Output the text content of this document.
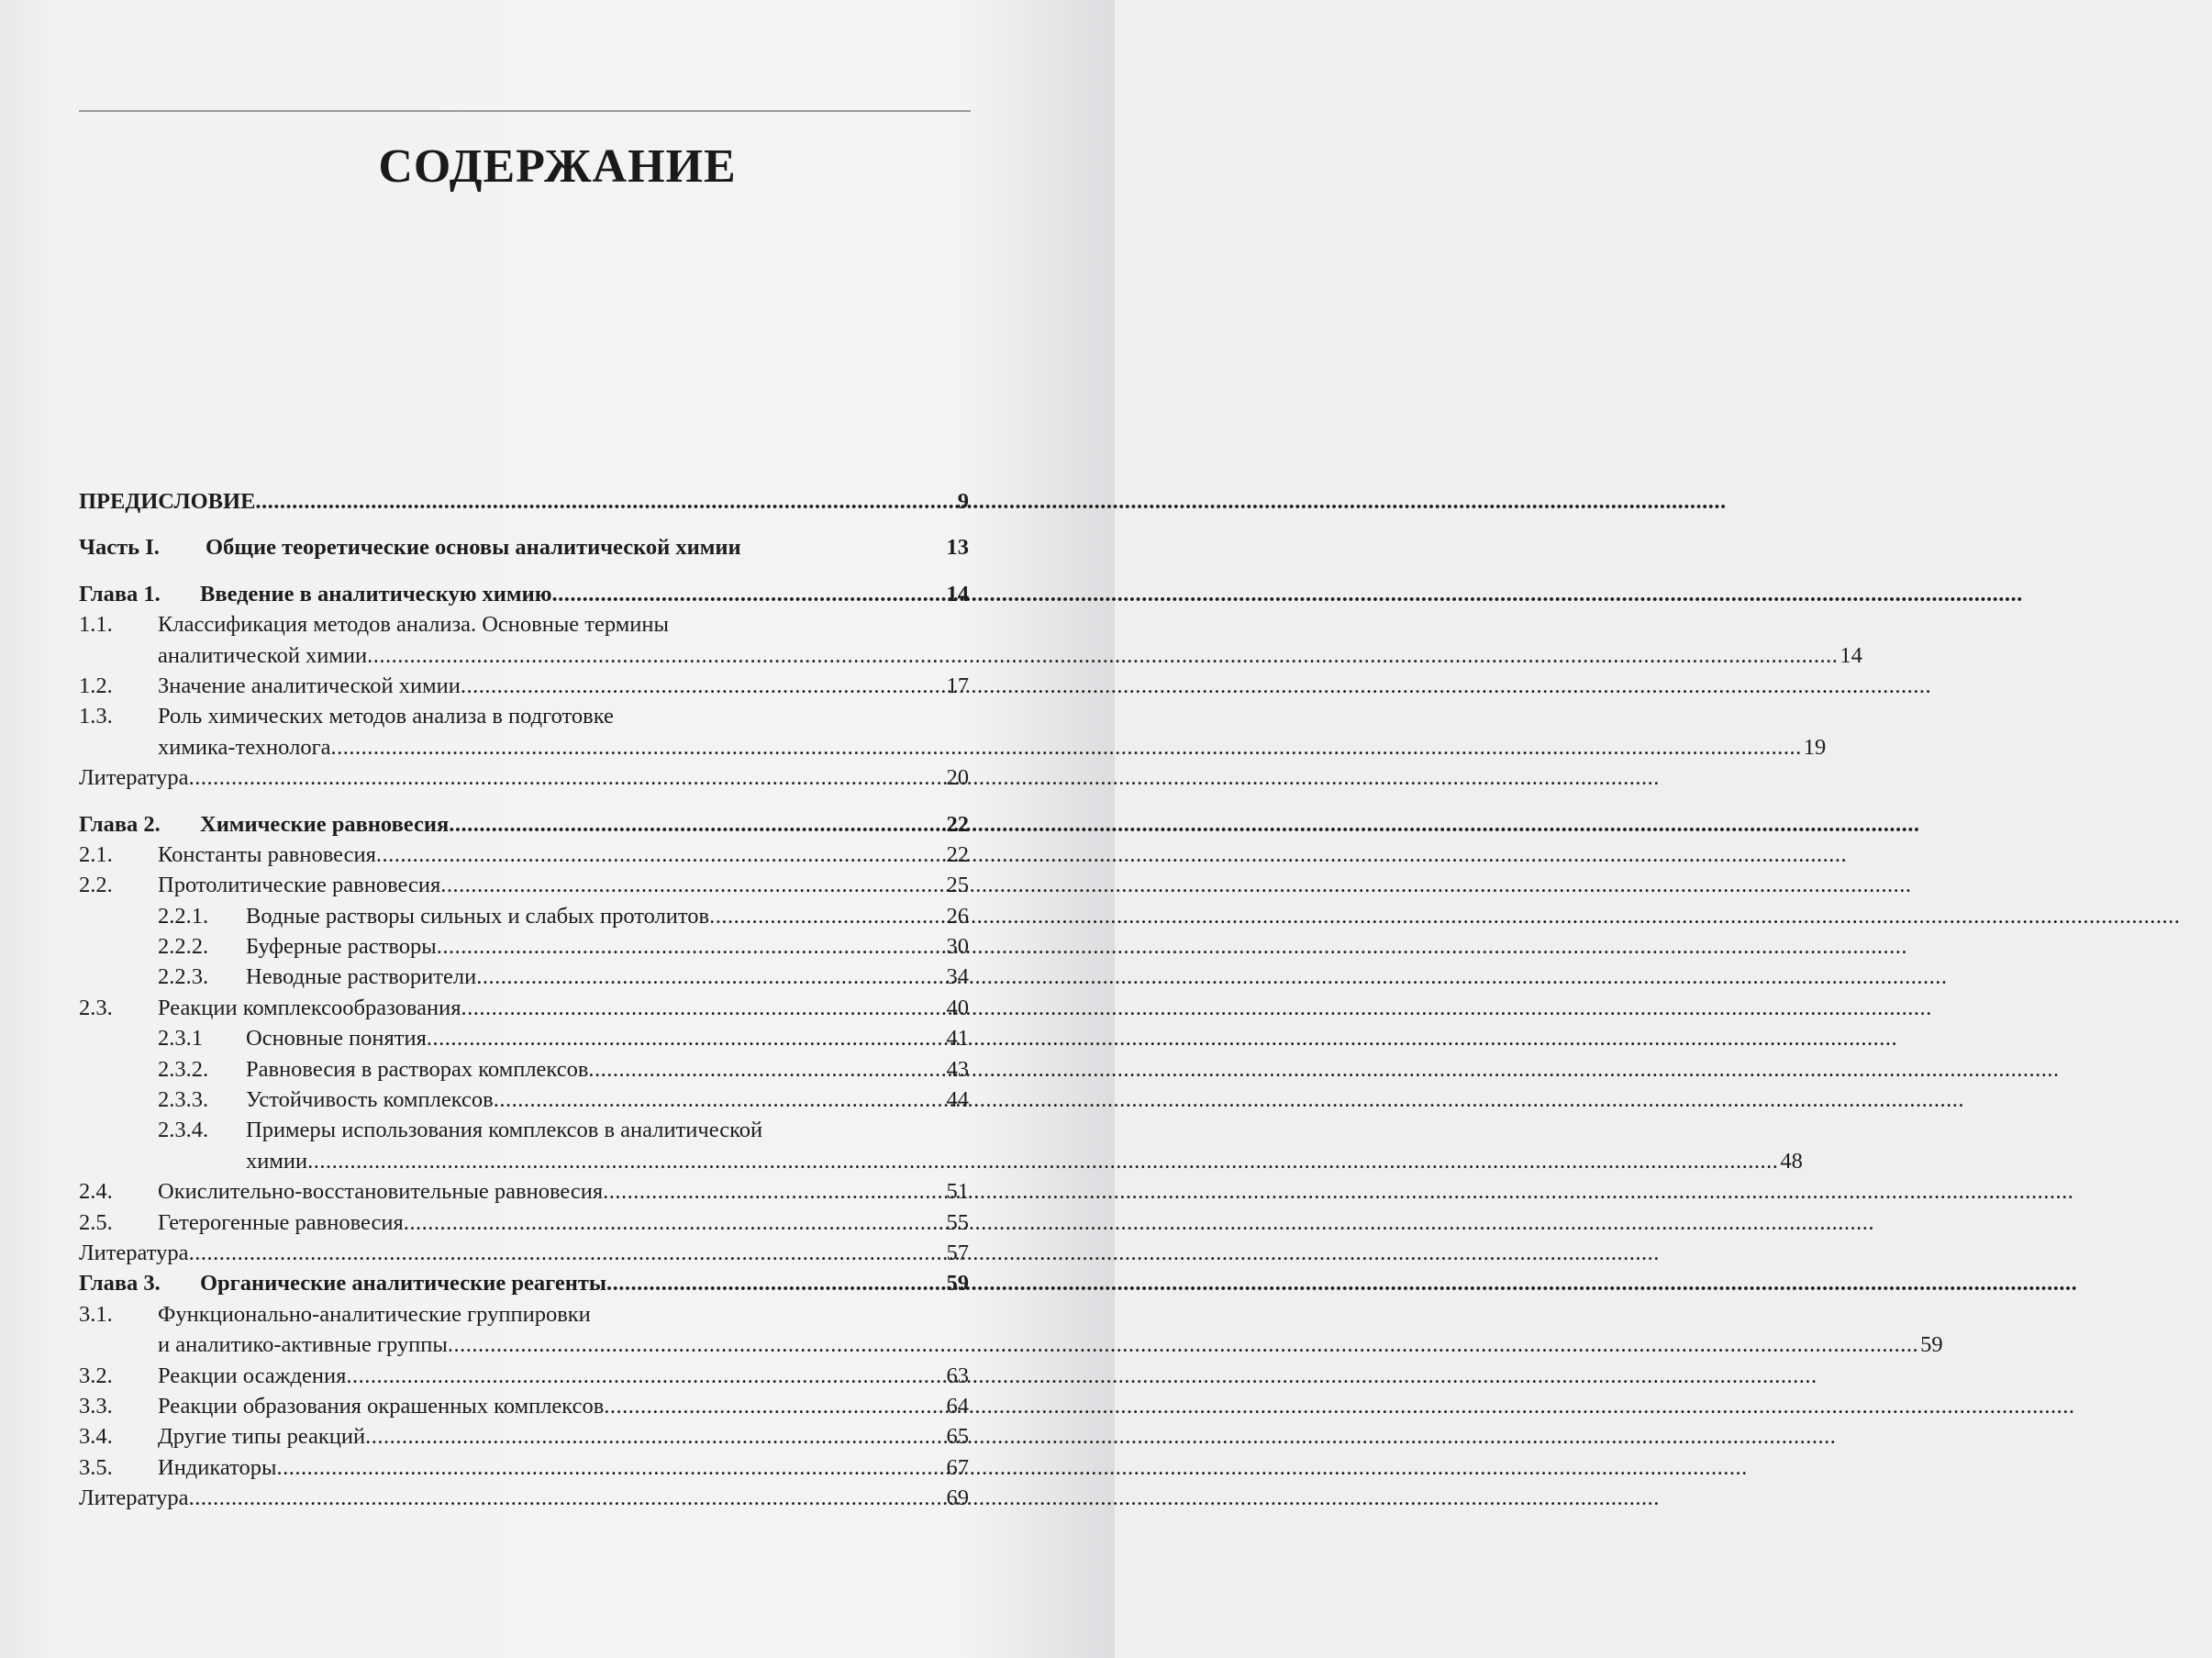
СОДЕРЖАНИЕ
ПРЕДИСЛОВИЕ .....	9
Часть I.	Общие теоретические основы аналитической химии	13
Глава 1.	Введение в аналитическую химию .....	14
1.1.	Классификация методов анализа. Основные термины
аналитической химии .....	14
1.2.	Значение аналитической химии .....	17
1.3.	Роль химических методов анализа в подготовке
химика-технолога .....	19
Литература .....	20
Глава 2.	Химические равновесия .....	22
2.1.	Константы равновесия .....	22
2.2.	Протолитические равновесия .....	25
2.2.1.	Водные растворы сильных и слабых протолитов .....	26
2.2.2.	Буферные растворы .....	30
2.2.3.	Неводные растворители .....	34
2.3.	Реакции комплексообразования .....	40
2.3.1	Основные понятия .....	41
2.3.2.	Равновесия в растворах комплексов .....	43
2.3.3.	Устойчивость комплексов .....	44
2.3.4.	Примеры использования комплексов в аналитической
химии .....	48
2.4.	Окислительно-восстановительные равновесия .....	51
2.5.	Гетерогенные равновесия .....	55
Литература .....	57
Глава 3.	Органические аналитические реагенты .....	59
3.1.	Функционально-аналитические группировки
и аналитико-активные группы .....	59
3.2.	Реакции осаждения .....	63
3.3.	Реакции образования окрашенных комплексов .....	64
3.4.	Другие типы реакций .....	65
3.5.	Индикаторы .....	67
Литература .....	69
